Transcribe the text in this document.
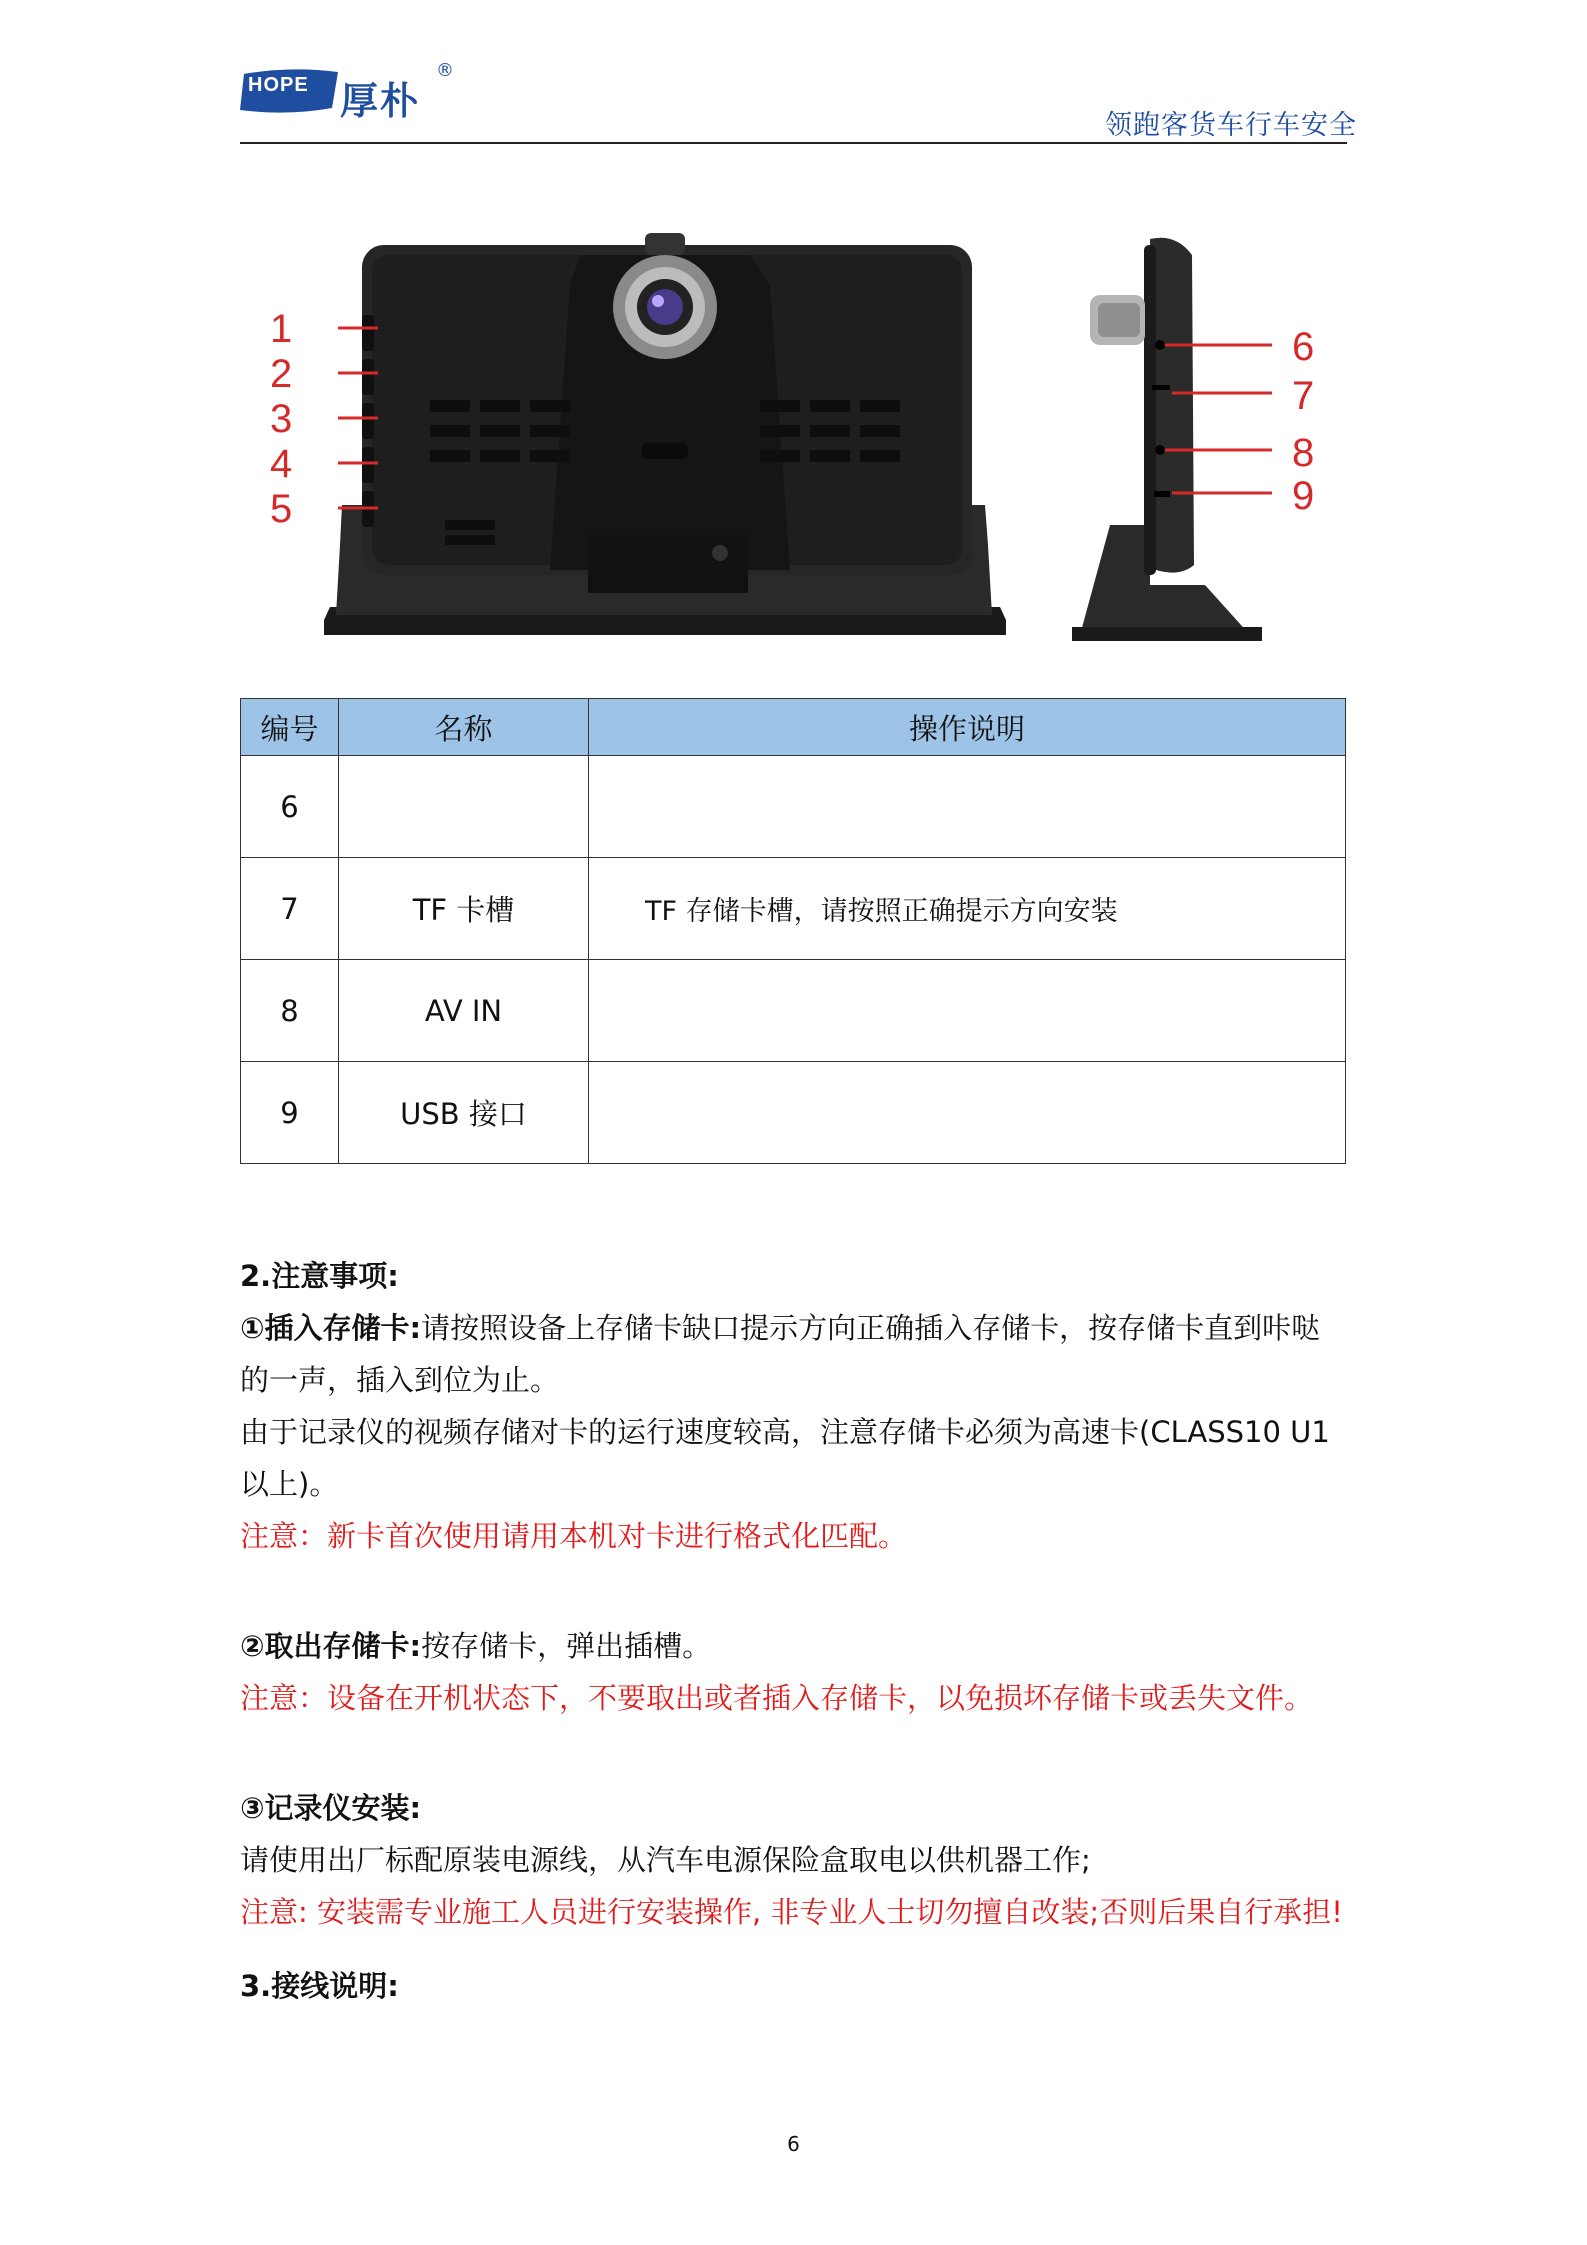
HOPE 厚朴
®
领跑客货车行车安全
1
2
3
4
5
6
7
8
9
编号	名称	操作说明
6		
7	TF 卡槽	TF 存储卡槽，请按照正确提示方向安装
8	AV IN	
9	USB 接口	
2.注意事项:
①插入存储卡:请按照设备上存储卡缺口提示方向正确插入存储卡，按存储卡直到咔哒
的一声，插入到位为止。
由于记录仪的视频存储对卡的运行速度较高，注意存储卡必须为高速卡(CLASS10 U1
以上)。
注意：新卡首次使用请用本机对卡进行格式化匹配。
②取出存储卡:按存储卡，弹出插槽。
注意：设备在开机状态下，不要取出或者插入存储卡，以免损坏存储卡或丢失文件。
③记录仪安装:
请使用出厂标配原装电源线，从汽车电源保险盒取电以供机器工作;
注意: 安装需专业施工人员进行安装操作, 非专业人士切勿擅自改装;否则后果自行承担!
3.接线说明:
6
